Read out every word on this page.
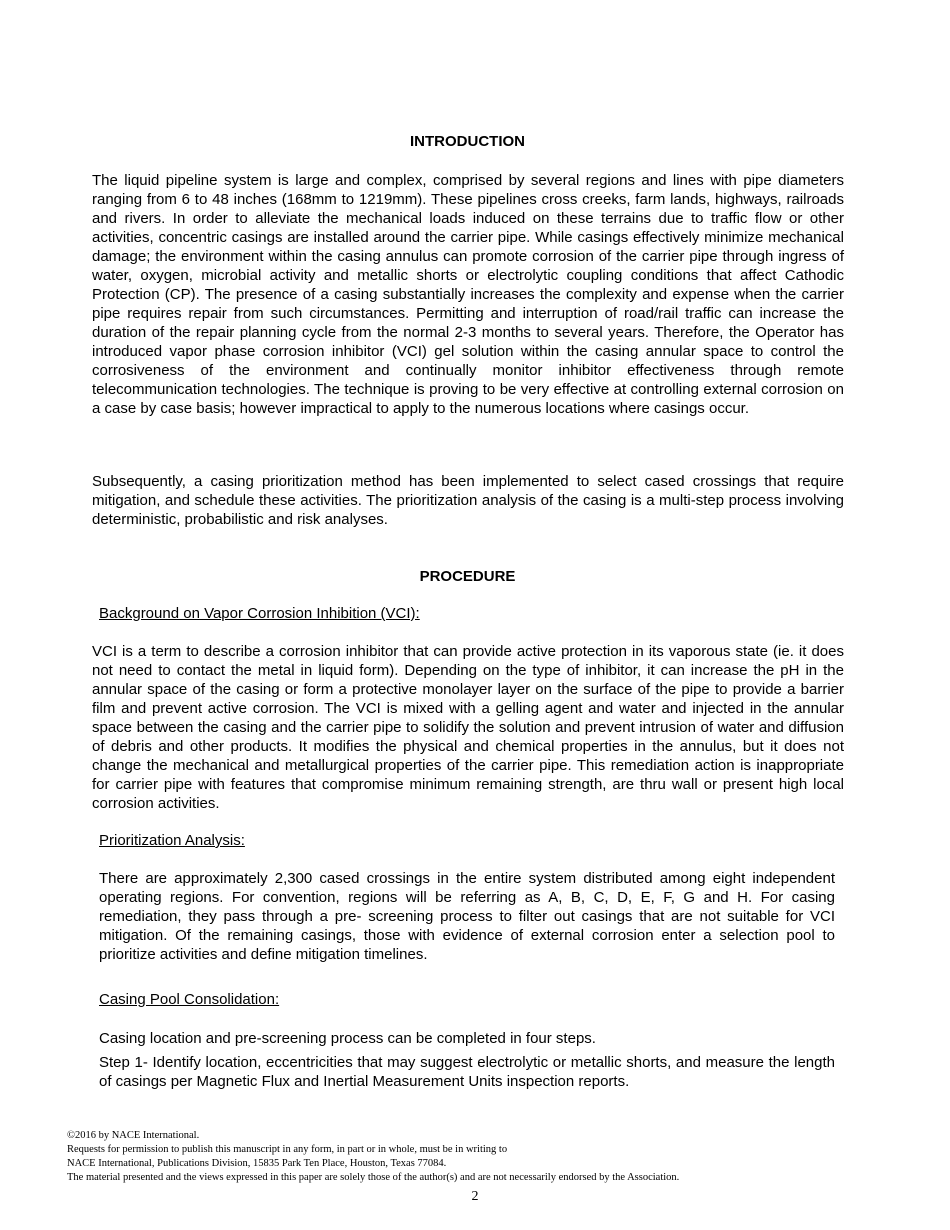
INTRODUCTION

The liquid pipeline system is large and complex, comprised by several regions and lines with pipe diameters ranging from 6 to 48 inches (168mm to 1219mm). These pipelines cross creeks, farm lands, highways, railroads and rivers. In order to alleviate the mechanical loads induced on these terrains due to traffic flow or other activities, concentric casings are installed around the carrier pipe. While casings effectively minimize mechanical damage; the environment within the casing annulus can promote corrosion of the carrier pipe through ingress of water, oxygen, microbial activity and metallic shorts or electrolytic coupling conditions that affect Cathodic Protection (CP). The presence of a casing substantially increases the complexity and expense when the carrier pipe requires repair from such circumstances. Permitting and interruption of road/rail traffic can increase the duration of the repair planning cycle from the normal 2-3 months to several years. Therefore, the Operator has introduced vapor phase corrosion inhibitor (VCI) gel solution within the casing annular space to control the corrosiveness of the environment and continually monitor inhibitor effectiveness through remote telecommunication technologies. The technique is proving to be very effective at controlling external corrosion on a case by case basis; however impractical to apply to the numerous locations where casings occur.

Subsequently, a casing prioritization method has been implemented to select cased crossings that require mitigation, and schedule these activities. The prioritization analysis of the casing is a multi-step process involving deterministic, probabilistic and risk analyses.

PROCEDURE

Background on Vapor Corrosion Inhibition (VCI):

VCI is a term to describe a corrosion inhibitor that can provide active protection in its vaporous state (ie. it does not need to contact the metal in liquid form). Depending on the type of inhibitor, it can increase the pH in the annular space of the casing or form a protective monolayer layer on the surface of the pipe to provide a barrier film and prevent active corrosion. The VCI is mixed with a gelling agent and water and injected in the annular space between the casing and the carrier pipe to solidify the solution and prevent intrusion of water and diffusion of debris and other products. It modifies the physical and chemical properties in the annulus, but it does not change the mechanical and metallurgical properties of the carrier pipe. This remediation action is inappropriate for carrier pipe with features that compromise minimum remaining strength, are thru wall or present high local corrosion activities.

Prioritization Analysis:

There are approximately 2,300 cased crossings in the entire system distributed among eight independent operating regions. For convention, regions will be referring as A, B, C, D, E, F, G and H. For casing remediation, they pass through a pre- screening process to filter out casings that are not suitable for VCI mitigation. Of the remaining casings, those with evidence of external corrosion enter a selection pool to prioritize activities and define mitigation timelines.

Casing Pool Consolidation:

Casing location and pre-screening process can be completed in four steps.

Step 1- Identify location, eccentricities that may suggest electrolytic or metallic shorts, and measure the length of casings per Magnetic Flux and Inertial Measurement Units inspection reports.

©2016 by NACE International.
Requests for permission to publish this manuscript in any form, in part or in whole, must be in writing to
NACE International, Publications Division, 15835 Park Ten Place, Houston, Texas 77084.
The material presented and the views expressed in this paper are solely those of the author(s) and are not necessarily endorsed by the Association.

2
